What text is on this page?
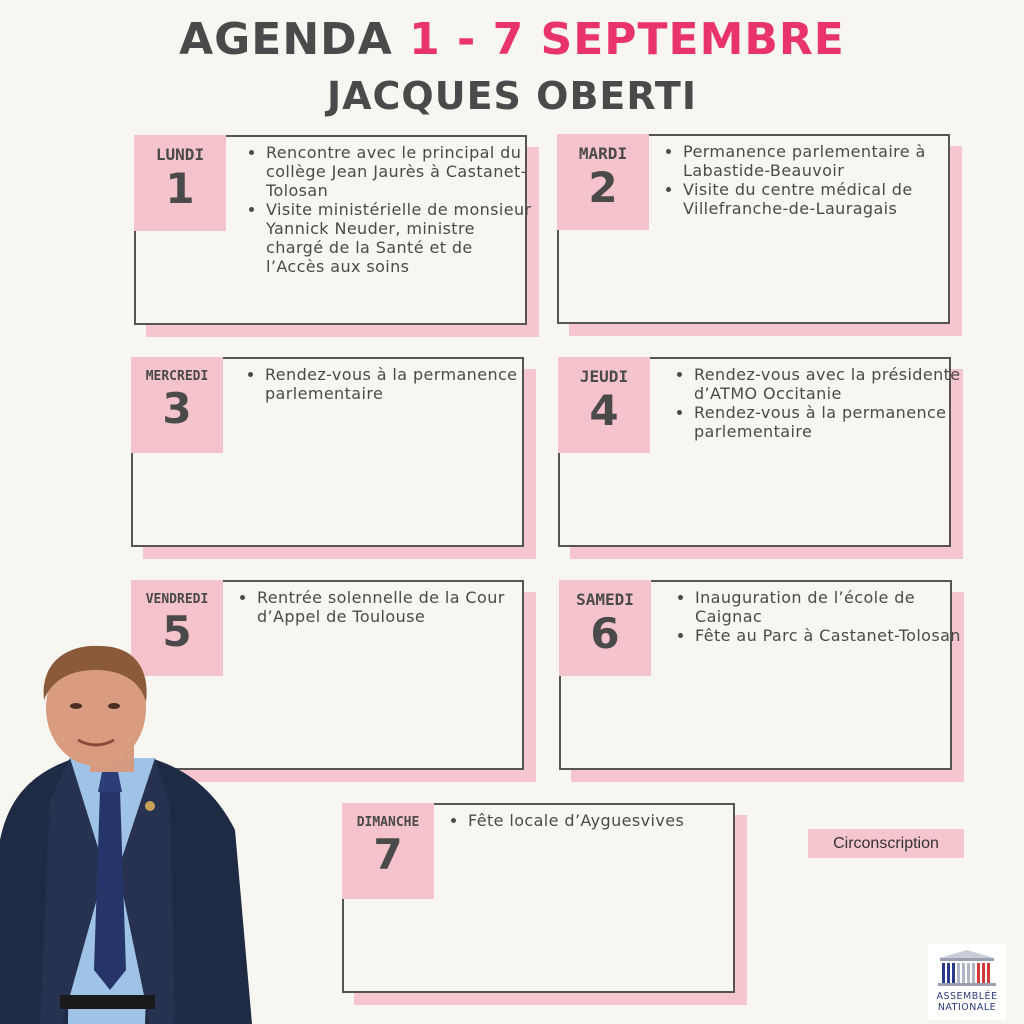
AGENDA 1 - 7 SEPTEMBRE
JACQUES OBERTI
LUNDI
1
• Rencontre avec le principal du collège Jean Jaurès à Castanet-Tolosan
• Visite ministérielle de monsieur Yannick Neuder, ministre chargé de la Santé et de l’Accès aux soins
MARDI
2
• Permanence parlementaire à Labastide-Beauvoir
• Visite du centre médical de Villefranche-de-Lauragais
MERCREDI
3
• Rendez-vous à la permanence parlementaire
JEUDI
4
• Rendez-vous avec la présidente d’ATMO Occitanie
• Rendez-vous à la permanence parlementaire
VENDREDI
5
• Rentrée solennelle de la Cour d’Appel de Toulouse
SAMEDI
6
• Inauguration de l’école de Caignac
• Fête au Parc à Castanet-Tolosan
DIMANCHE
7
• Fête locale d’Ayguesvives
Circonscription
ASSEMBLÉE
NATIONALE
